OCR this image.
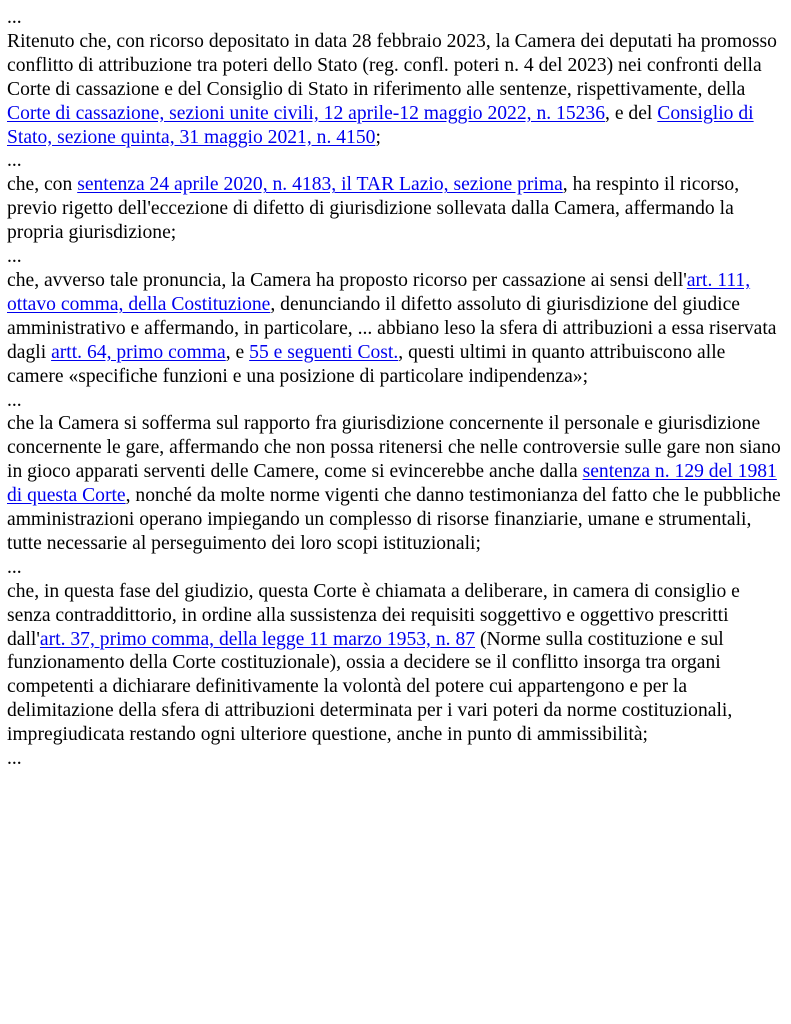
...
Ritenuto che, con ricorso depositato in data 28 febbraio 2023, la Camera dei deputati ha promosso conflitto di attribuzione tra poteri dello Stato (reg. confl. poteri n. 4 del 2023) nei confronti della Corte di cassazione e del Consiglio di Stato in riferimento alle sentenze, rispettivamente, della Corte di cassazione, sezioni unite civili, 12 aprile-12 maggio 2022, n. 15236, e del Consiglio di Stato, sezione quinta, 31 maggio 2021, n. 4150;
...
che, con sentenza 24 aprile 2020, n. 4183, il TAR Lazio, sezione prima, ha respinto il ricorso, previo rigetto dell'eccezione di difetto di giurisdizione sollevata dalla Camera, affermando la propria giurisdizione;
...
che, avverso tale pronuncia, la Camera ha proposto ricorso per cassazione ai sensi dell'art. 111, ottavo comma, della Costituzione, denunciando il difetto assoluto di giurisdizione del giudice amministrativo e affermando, in particolare, ... abbiano leso la sfera di attribuzioni a essa riservata dagli artt. 64, primo comma, e 55 e seguenti Cost., questi ultimi in quanto attribuiscono alle camere «specifiche funzioni e una posizione di particolare indipendenza»;
...
che la Camera si sofferma sul rapporto fra giurisdizione concernente il personale e giurisdizione concernente le gare, affermando che non possa ritenersi che nelle controversie sulle gare non siano in gioco apparati serventi delle Camere, come si evincerebbe anche dalla sentenza n. 129 del 1981 di questa Corte, nonché da molte norme vigenti che danno testimonianza del fatto che le pubbliche amministrazioni operano impiegando un complesso di risorse finanziarie, umane e strumentali, tutte necessarie al perseguimento dei loro scopi istituzionali;
...
che, in questa fase del giudizio, questa Corte è chiamata a deliberare, in camera di consiglio e senza contraddittorio, in ordine alla sussistenza dei requisiti soggettivo e oggettivo prescritti dall'art. 37, primo comma, della legge 11 marzo 1953, n. 87 (Norme sulla costituzione e sul funzionamento della Corte costituzionale), ossia a decidere se il conflitto insorga tra organi competenti a dichiarare definitivamente la volontà del potere cui appartengono e per la delimitazione della sfera di attribuzioni determinata per i vari poteri da norme costituzionali, impregiudicata restando ogni ulteriore questione, anche in punto di ammissibilità;
...
